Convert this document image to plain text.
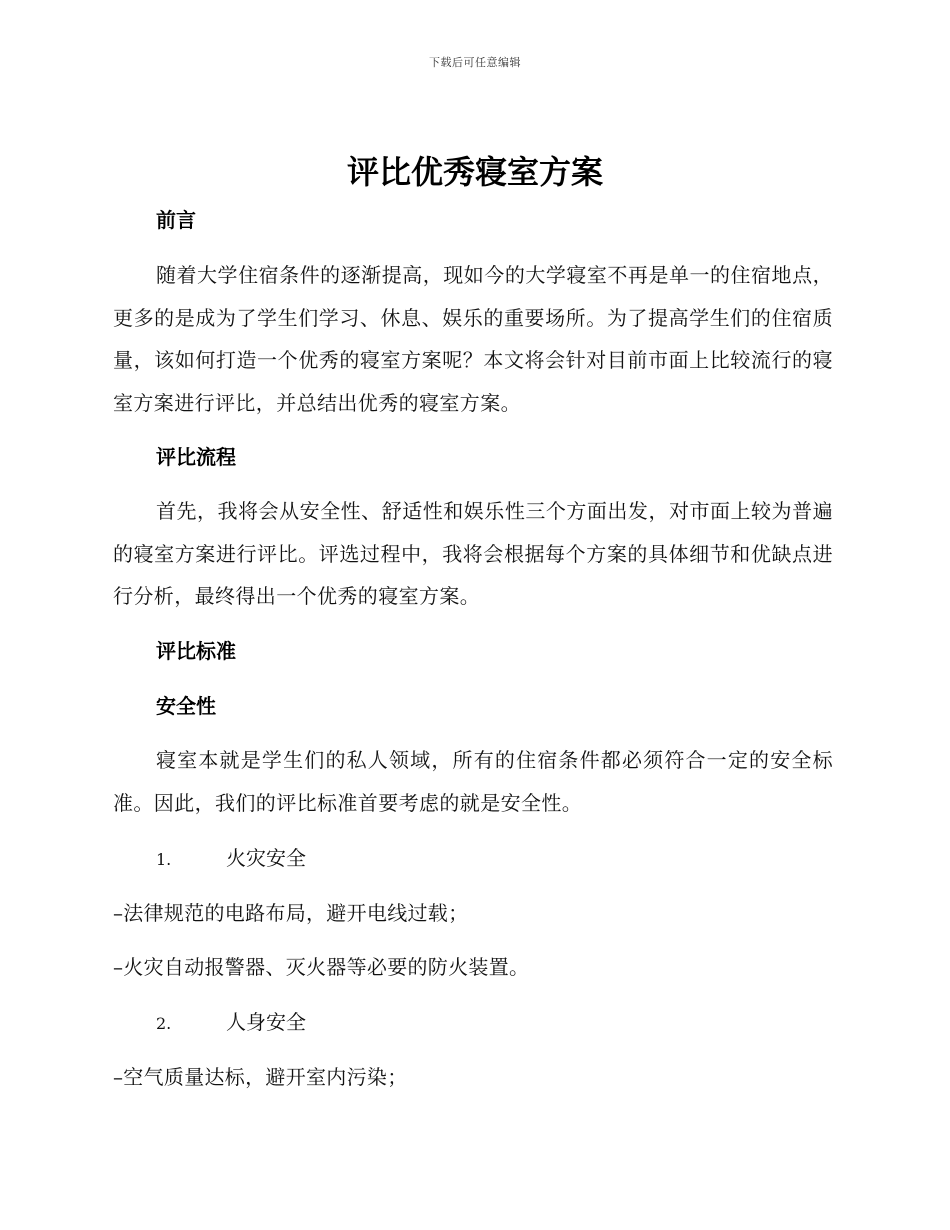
下载后可任意编辑
评比优秀寝室方案
前言

随着大学住宿条件的逐渐提高，现如今的大学寝室不再是单一的住宿地点，更多的是成为了学生们学习、休息、娱乐的重要场所。为了提高学生们的住宿质量，该如何打造一个优秀的寝室方案呢？本文将会针对目前市面上比较流行的寝室方案进行评比，并总结出优秀的寝室方案。

评比流程

首先，我将会从安全性、舒适性和娱乐性三个方面出发，对市面上较为普遍的寝室方案进行评比。评选过程中，我将会根据每个方案的具体细节和优缺点进行分析，最终得出一个优秀的寝室方案。

评比标准
安全性

寝室本就是学生们的私人领域，所有的住宿条件都必须符合一定的安全标准。因此，我们的评比标准首要考虑的就是安全性。

1.	火灾安全

–法律规范的电路布局，避开电线过载；

–火灾自动报警器、灭火器等必要的防火装置。

2.	人身安全

–空气质量达标，避开室内污染；
